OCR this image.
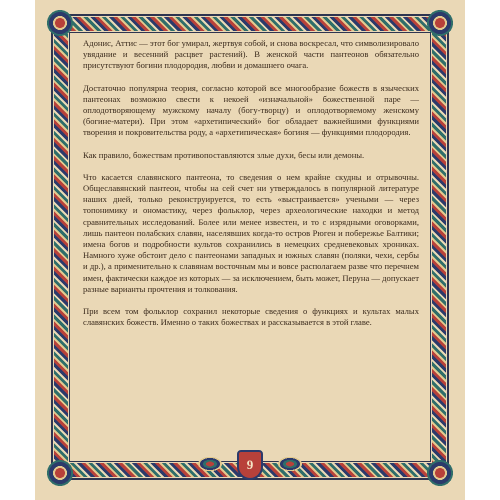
Адонис, Аттис — этот бог умирал, жертвуя собой, и снова воскресал, что символизировало увядание и весенний расцвет растений). В женской части пантеонов обязательно присутствуют богини плодородия, любви и домашнего очага.

Достаточно популярна теория, согласно которой все многообразие божеств в языческих пантеонах возможно свести к некоей «изначальной» божественной паре — оплодотворяющему мужскому началу (богу-творцу) и оплодотворяемому женскому (богине-матери). При этом «архетипический» бог обладает важнейшими функциями творения и покровительства роду, а «архетипическая» богиня — функциями плодородия.

Как правило, божествам противопоставляются злые духи, бесы или демоны.

Что касается славянского пантеона, то сведения о нем крайне скудны и отрывочны. Общеславянский пантеон, чтобы на сей счет ни утверждалось в популярной литературе наших дней, только реконструируется, то есть «выстраивается» учеными — через топонимику и ономастику, через фольклор, через археологические находки и метод сравнительных исследований. Более или менее известен, и то с изрядными оговорками, лишь пантеон полабских славян, населявших когда-то остров Рюген и побережье Балтики; имена богов и подробности культов сохранились в немецких средневековых хрониках. Намного хуже обстоит дело с пантеонами западных и южных славян (поляки, чехи, сербы и др.), а применительно к славянам восточным мы и вовсе располагаем разве что перечнем имен, фактически каждое из которых — за исключением, быть может, Перуна — допускает разные варианты прочтения и толкования.

При всем том фольклор сохранил некоторые сведения о функциях и культах малых славянских божеств. Именно о таких божествах и рассказывается в этой главе.

9
